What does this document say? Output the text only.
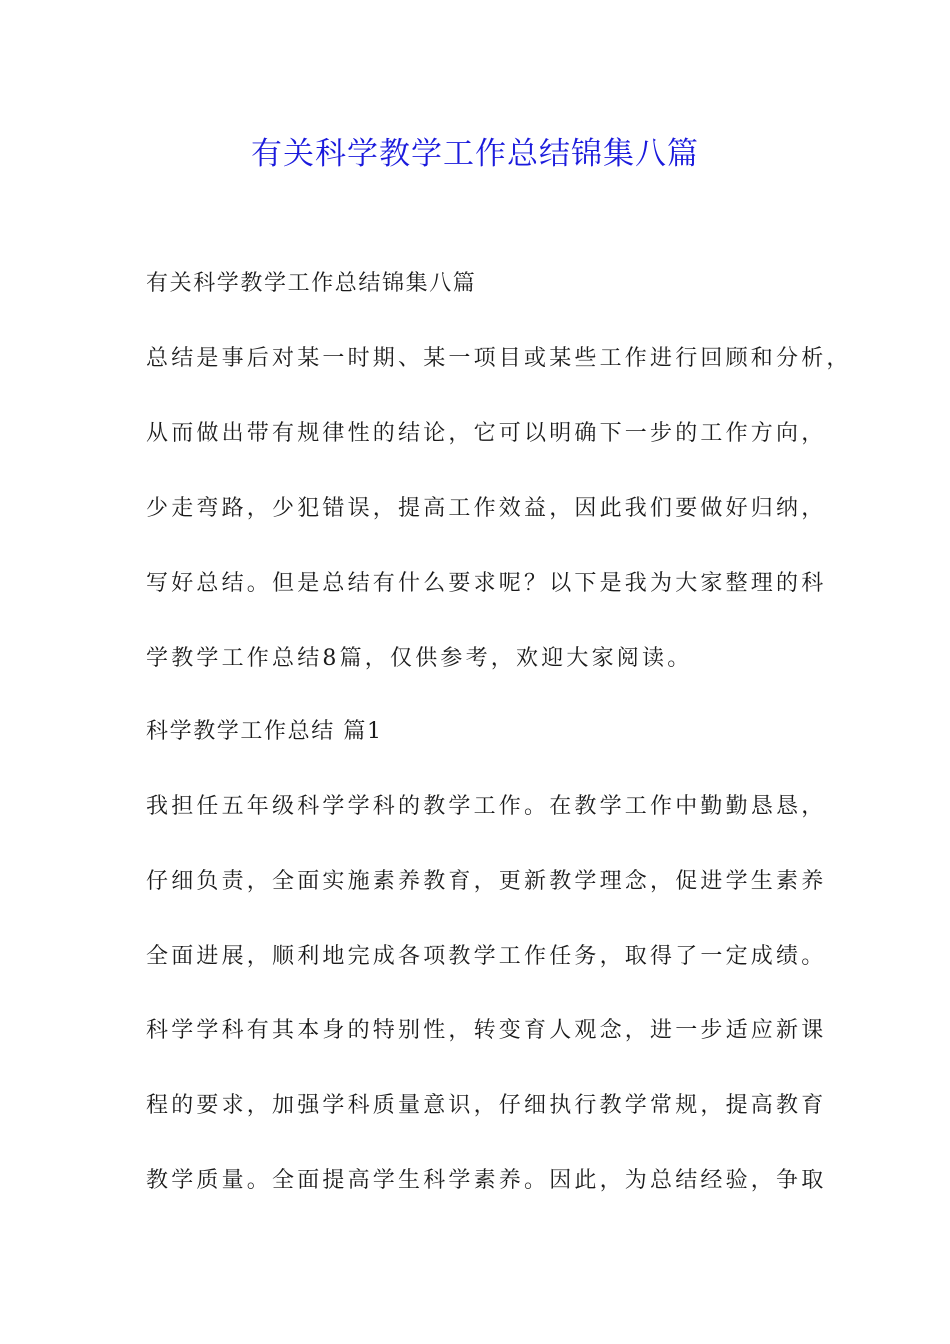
有关科学教学工作总结锦集八篇
有关科学教学工作总结锦集八篇
总结是事后对某一时期、某一项目或某些工作进行回顾和分析，
从而做出带有规律性的结论，它可以明确下一步的工作方向，
少走弯路，少犯错误，提高工作效益，因此我们要做好归纳，
写好总结。但是总结有什么要求呢？以下是我为大家整理的科
学教学工作总结8篇，仅供参考，欢迎大家阅读。
科学教学工作总结 篇1
我担任五年级科学学科的教学工作。在教学工作中勤勤恳恳，
仔细负责，全面实施素养教育，更新教学理念，促进学生素养
全面进展，顺利地完成各项教学工作任务，取得了一定成绩。
科学学科有其本身的特别性，转变育人观念，进一步适应新课
程的要求，加强学科质量意识，仔细执行教学常规，提高教育
教学质量。全面提高学生科学素养。因此，为总结经验，争取
